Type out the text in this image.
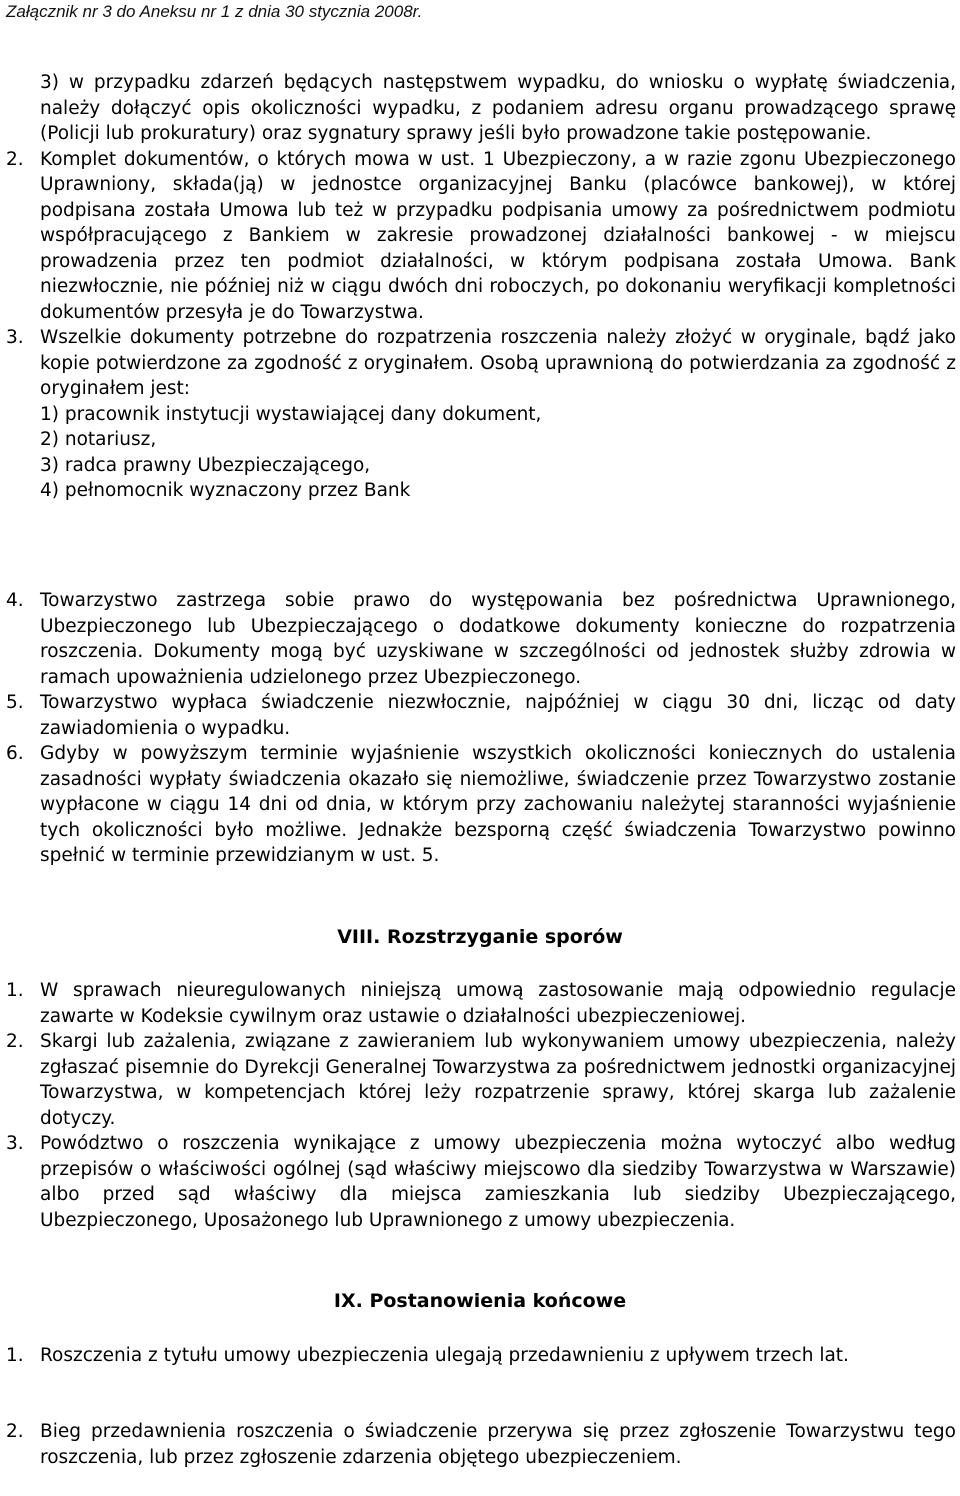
Załącznik nr 3 do Aneksu nr 1 z dnia 30 stycznia 2008r.
3) w przypadku zdarzeń będących następstwem wypadku, do wniosku o wypłatę świadczenia, należy dołączyć opis okoliczności wypadku, z podaniem adresu organu prowadzącego sprawę (Policji lub prokuratury) oraz sygnatury sprawy jeśli było prowadzone takie postępowanie.
2. Komplet dokumentów, o których mowa w ust. 1 Ubezpieczony, a w razie zgonu Ubezpieczonego Uprawniony, składa(ją) w jednostce organizacyjnej Banku (placówce bankowej), w której podpisana została Umowa lub też w przypadku podpisania umowy za pośrednictwem podmiotu współpracującego z Bankiem w zakresie prowadzonej działalności bankowej - w miejscu prowadzenia przez ten podmiot działalności, w którym podpisana została Umowa. Bank niezwłocznie, nie później niż w ciągu dwóch dni roboczych, po dokonaniu weryfikacji kompletności dokumentów przesyła je do Towarzystwa.
3. Wszelkie dokumenty potrzebne do rozpatrzenia roszczenia należy złożyć w oryginale, bądź jako kopie potwierdzone za zgodność z oryginałem. Osobą uprawnioną do potwierdzania za zgodność z oryginałem jest:
1) pracownik instytucji wystawiającej dany dokument,
2) notariusz,
3) radca prawny Ubezpieczającego,
4) pełnomocnik wyznaczony przez Bank
4. Towarzystwo zastrzega sobie prawo do występowania bez pośrednictwa Uprawnionego, Ubezpieczonego lub Ubezpieczającego o dodatkowe dokumenty konieczne do rozpatrzenia roszczenia. Dokumenty mogą być uzyskiwane w szczególności od jednostek służby zdrowia w ramach upoważnienia udzielonego przez Ubezpieczonego.
5. Towarzystwo wypłaca świadczenie niezwłocznie, najpóźniej w ciągu 30 dni, licząc od daty zawiadomienia o wypadku.
6. Gdyby w powyższym terminie wyjaśnienie wszystkich okoliczności koniecznych do ustalenia zasadności wypłaty świadczenia okazało się niemożliwe, świadczenie przez Towarzystwo zostanie wypłacone w ciągu 14 dni od dnia, w którym przy zachowaniu należytej staranności wyjaśnienie tych okoliczności było możliwe. Jednakże bezsporną część świadczenia Towarzystwo powinno spełnić w terminie przewidzianym w ust. 5.
VIII. Rozstrzyganie sporów
1. W sprawach nieuregulowanych niniejszą umową zastosowanie mają odpowiednio regulacje zawarte w Kodeksie cywilnym oraz ustawie o działalności ubezpieczeniowej.
2. Skargi lub zażalenia, związane z zawieraniem lub wykonywaniem umowy ubezpieczenia, należy zgłaszać pisemnie do Dyrekcji Generalnej Towarzystwa za pośrednictwem jednostki organizacyjnej Towarzystwa, w kompetencjach której leży rozpatrzenie sprawy, której skarga lub zażalenie dotyczy.
3. Powództwo o roszczenia wynikające z umowy ubezpieczenia można wytoczyć albo według przepisów o właściwości ogólnej (sąd właściwy miejscowo dla siedziby Towarzystwa w Warszawie) albo przed sąd właściwy dla miejsca zamieszkania lub siedziby Ubezpieczającego, Ubezpieczonego, Uposażonego lub Uprawnionego z umowy ubezpieczenia.
IX. Postanowienia końcowe
1. Roszczenia z tytułu umowy ubezpieczenia ulegają przedawnieniu z upływem trzech lat.
2. Bieg przedawnienia roszczenia o świadczenie przerywa się przez zgłoszenie Towarzystwu tego roszczenia, lub przez zgłoszenie zdarzenia objętego ubezpieczeniem.
